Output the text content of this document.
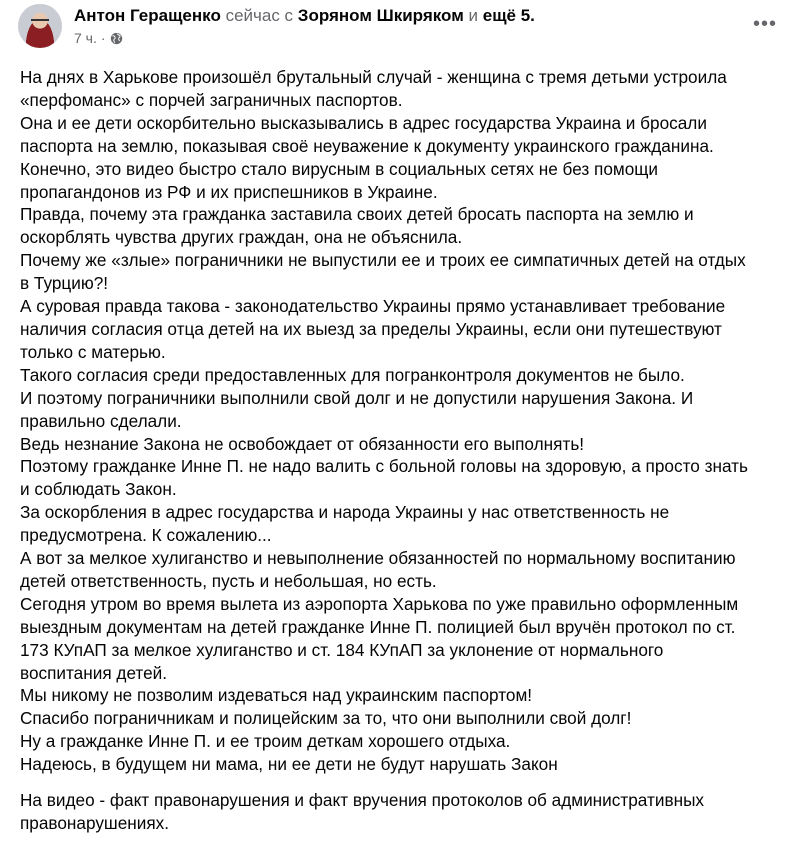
Антон Геращенко сейчас с Зоряном Шкиряком и ещё 5.
7 ч. ·
•••

На днях в Харькове произошёл брутальный случай - женщина с тремя детьми устроила

«перфоманс» с порчей заграничных паспортов.

Она и ее дети оскорбительно высказывались в адрес государства Украина и бросали

паспорта на землю, показывая своё неуважение к документу украинского гражданина.

Конечно, это видео быстро стало вирусным в социальных сетях не без помощи

пропагандонов из РФ и их приспешников в Украине.

Правда, почему эта гражданка заставила своих детей бросать паспорта на землю и

оскорблять чувства других граждан, она не объяснила.

Почему же «злые» пограничники не выпустили ее и троих ее симпатичных детей на отдых

в Турцию?!

А суровая правда такова - законодательство Украины прямо устанавливает требование

наличия согласия отца детей на их выезд за пределы Украины, если они путешествуют

только с матерью.

Такого согласия среди предоставленных для погранконтроля документов не было.

И поэтому пограничники выполнили свой долг и не допустили нарушения Закона. И

правильно сделали.

Ведь незнание Закона не освобождает от обязанности его выполнять!

Поэтому гражданке Инне П. не надо валить с больной головы на здоровую, а просто знать

и соблюдать Закон.

За оскорбления в адрес государства и народа Украины у нас ответственность не

предусмотрена. К сожалению...

А вот за мелкое хулиганство и невыполнение обязанностей по нормальному воспитанию

детей ответственность, пусть и небольшая, но есть.

Сегодня утром во время вылета из аэропорта Харькова по уже правильно оформленным

выездным документам на детей гражданке Инне П. полицией был вручён протокол по ст.

173 КУпАП за мелкое хулиганство и ст. 184 КУпАП за уклонение от нормального

воспитания детей.

Мы никому не позволим издеваться над украинским паспортом!

Спасибо пограничникам и полицейским за то, что они выполнили свой долг!

Ну а гражданке Инне П. и ее троим деткам хорошего отдыха.

Надеюсь, в будущем ни мама, ни ее дети не будут нарушать Закон

На видео - факт правонарушения и факт вручения протоколов об административных

правонарушениях.
